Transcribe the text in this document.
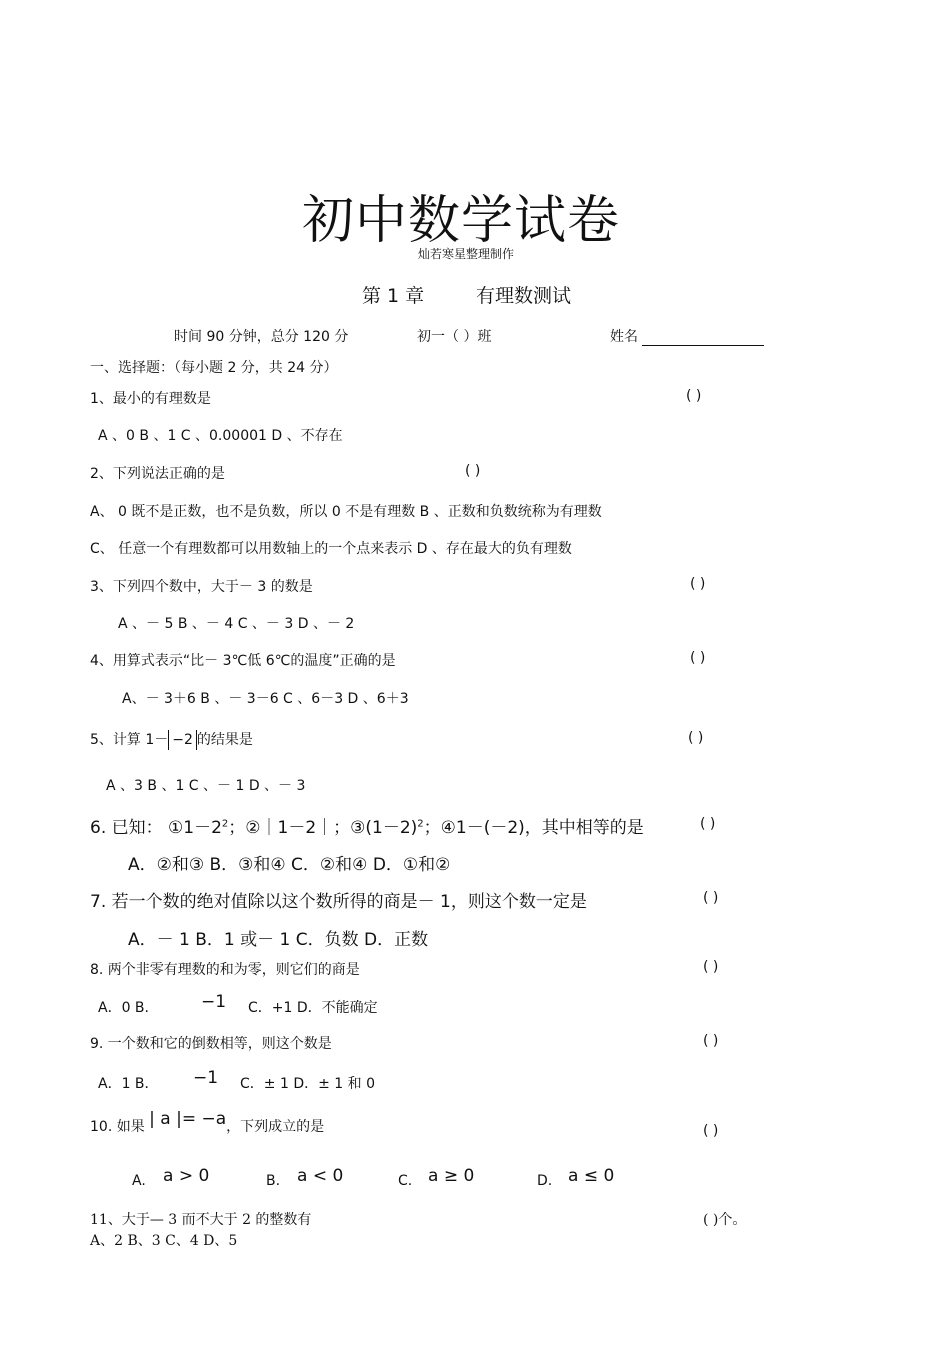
初中数学试卷
灿若寒星整理制作
第 1 章	有理数测试
时间 90 分钟，总分 120 分	初一（ ）班	姓名
一、选择题：（每小题 2 分，共 24 分）
1、最小的有理数是	( )
A 、0 B 、1 C 、0.00001 D 、不存在
2、下列说法正确的是	( )
A、 0 既不是正数，也不是负数，所以 0 不是有理数 B 、正数和负数统称为有理数
C、 任意一个有理数都可以用数轴上的一个点来表示 D 、存在最大的负有理数
3、下列四个数中，大于－ 3 的数是	( )
A 、－ 5 B 、－ 4 C 、－ 3 D 、－ 2
4、用算式表示“比－ 3℃低 6℃的温度”正确的是	( )
A、－ 3＋6 B 、－ 3－6 C 、6－3 D 、6＋3
5、计算 1－ −2 的结果是	( )
A 、3 B 、1 C 、－ 1 D 、－ 3
6. 已知： $①1-2^2$；②｜1－2｜；$③(1-2)^2$；④1－(－2)，其中相等的是	( )
A．②和③ B．③和④ C．②和④ D．①和②
7. 若一个数的绝对值除以这个数所得的商是－ 1，则这个数一定是	( )
A．－ 1 B．1 或－ 1 C．负数 D．正数
8. 两个非零有理数的和为零，则它们的商是	( )
A．0 B.	−1 C．+1 D．不能确定
9. 一个数和它的倒数相等，则这个数是	( )
A．1 B． −1 C．± 1 D．± 1 和 0
10. 如果 | a |= −a，下列成立的是	( )
A. a > 0	B. a < 0	C. a ≥ 0	D. a ≤ 0
11、大于— 3 而不大于 2 的整数有	( )个。
A、2 B、3 C、4 D、5
